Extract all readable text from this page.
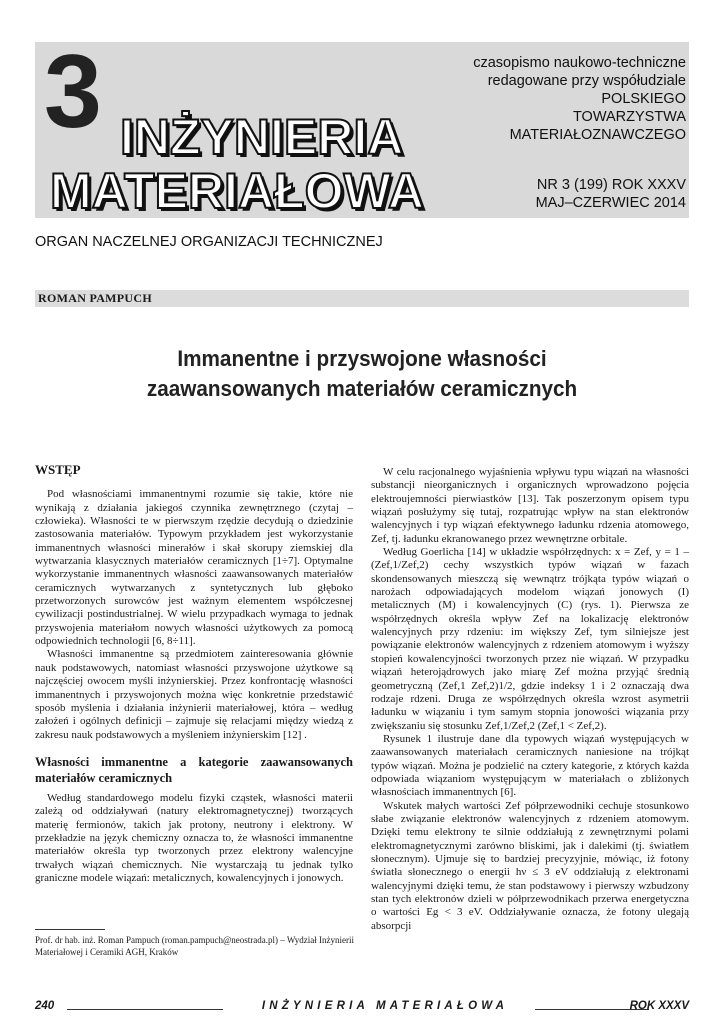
3 INŻYNIERIA
MATERIAŁOWA
czasopismo naukowo-techniczne
redagowane przy współudziale
POLSKIEGO
TOWARZYSTWA
MATERIAŁOZNAWCZEGO
NR 3 (199) ROK XXXV
MAJ–CZERWIEC 2014
ORGAN NACZELNEJ ORGANIZACJI TECHNICZNEJ
ROMAN PAMPUCH
Immanentne i przyswojone własności
zaawansowanych materiałów ceramicznych
WSTĘP

Pod własnościami immanentnymi rozumie się takie, które nie wynikają z działania jakiegoś czynnika zewnętrznego (czytaj – człowieka). Własności te w pierwszym rzędzie decydują o dziedzinie zastosowania materiałów. Typowym przykładem jest wykorzystanie immanentnych własności minerałów i skał skorupy ziemskiej dla wytwarzania klasycznych materiałów ceramicznych [1÷7]. Optymalne wykorzystanie immanentnych własności zaawansowanych materiałów ceramicznych wytwarzanych z syntetycznych lub głęboko przetworzonych surowców jest ważnym elementem współczesnej cywilizacji postindustrialnej. W wielu przypadkach wymaga to jednak przyswojenia materiałom nowych własności użytkowych za pomocą odpowiednich technologii [6, 8÷11].

Własności immanentne są przedmiotem zainteresowania głównie nauk podstawowych, natomiast własności przyswojone użytkowe są najczęściej owocem myśli inżynierskiej. Przez konfrontację własności immanentnych i przyswojonych można więc konkretnie przedstawić sposób myślenia i działania inżynierii materiałowej, która – według założeń i ogólnych definicji – zajmuje się relacjami między wiedzą z zakresu nauk podstawowych a myśleniem inżynierskim [12] .

Własności immanentne a kategorie zaawansowanych materiałów ceramicznych

Według standardowego modelu fizyki cząstek, własności materii zależą od oddziaływań (natury elektromagnetycznej) tworzących materię fermionów, takich jak protony, neutrony i elektrony. W przekładzie na język chemiczny oznacza to, że własności immanentne materiałów określa typ tworzonych przez elektrony walencyjne trwałych wiązań chemicznych. Nie wystarczają tu jednak tylko graniczne modele wiązań: metalicznych, kowalencyjnych i jonowych.

W celu racjonalnego wyjaśnienia wpływu typu wiązań na własności substancji nieorganicznych i organicznych wprowadzono pojęcia elektroujemności pierwiastków [13]. Tak poszerzonym opisem typu wiązań posłużymy się tutaj, rozpatrując wpływ na stan elektronów walencyjnych i typ wiązań efektywnego ładunku rdzenia atomowego, Zef, tj. ładunku ekranowanego przez wewnętrzne orbitale.

Według Goerlicha [14] w układzie współrzędnych: x = Zef, y = 1 – (Zef,1/Zef,2) cechy wszystkich typów wiązań w fazach skondensowanych mieszczą się wewnątrz trójkąta typów wiązań o narożach odpowiadających modelom wiązań jonowych (I) metalicznych (M) i kowalencyjnych (C) (rys. 1). Pierwsza ze współrzędnych określa wpływ Zef na lokalizację elektronów walencyjnych przy rdzeniu: im większy Zef, tym silniejsze jest powiązanie elektronów walencyjnych z rdzeniem atomowym i wyższy stopień kowalencyjności tworzonych przez nie wiązań. W przypadku wiązań heterojądrowych jako miarę Zef można przyjąć średnią geometryczną (Zef,1 Zef,2)1/2, gdzie indeksy 1 i 2 oznaczają dwa rodzaje rdzeni. Druga ze współrzędnych określa wzrost asymetrii ładunku w wiązaniu i tym samym stopnia jonowości wiązania przy zwiększaniu się stosunku Zef,1/Zef,2 (Zef,1 < Zef,2).

Rysunek 1 ilustruje dane dla typowych wiązań występujących w zaawansowanych materiałach ceramicznych naniesione na trójkąt typów wiązań. Można je podzielić na cztery kategorie, z których każda odpowiada wiązaniom występującym w materiałach o zbliżonych własnościach immanentnych [6].

Wskutek małych wartości Zef półprzewodniki cechuje stosunkowo słabe związanie elektronów walencyjnych z rdzeniem atomowym. Dzięki temu elektrony te silnie oddziałują z zewnętrznymi polami elektromagnetycznymi zarówno bliskimi, jak i dalekimi (tj. światłem słonecznym). Ujmuje się to bardziej precyzyjnie, mówiąc, iż fotony światła słonecznego o energii hν ≤ 3 eV oddziałują z elektronami walencyjnymi dzięki temu, że stan podstawowy i pierwszy wzbudzony stan tych elektronów dzieli w półprzewodnikach przerwa energetyczna o wartości Eg < 3 eV. Oddziaływanie oznacza, że fotony ulegają absorpcji

Prof. dr hab. inż. Roman Pampuch (roman.pampuch@neostrada.pl) – Wydział Inżynierii Materiałowej i Ceramiki AGH, Kraków
240	INŻYNIERIA MATERIAŁOWA	ROK XXXV
